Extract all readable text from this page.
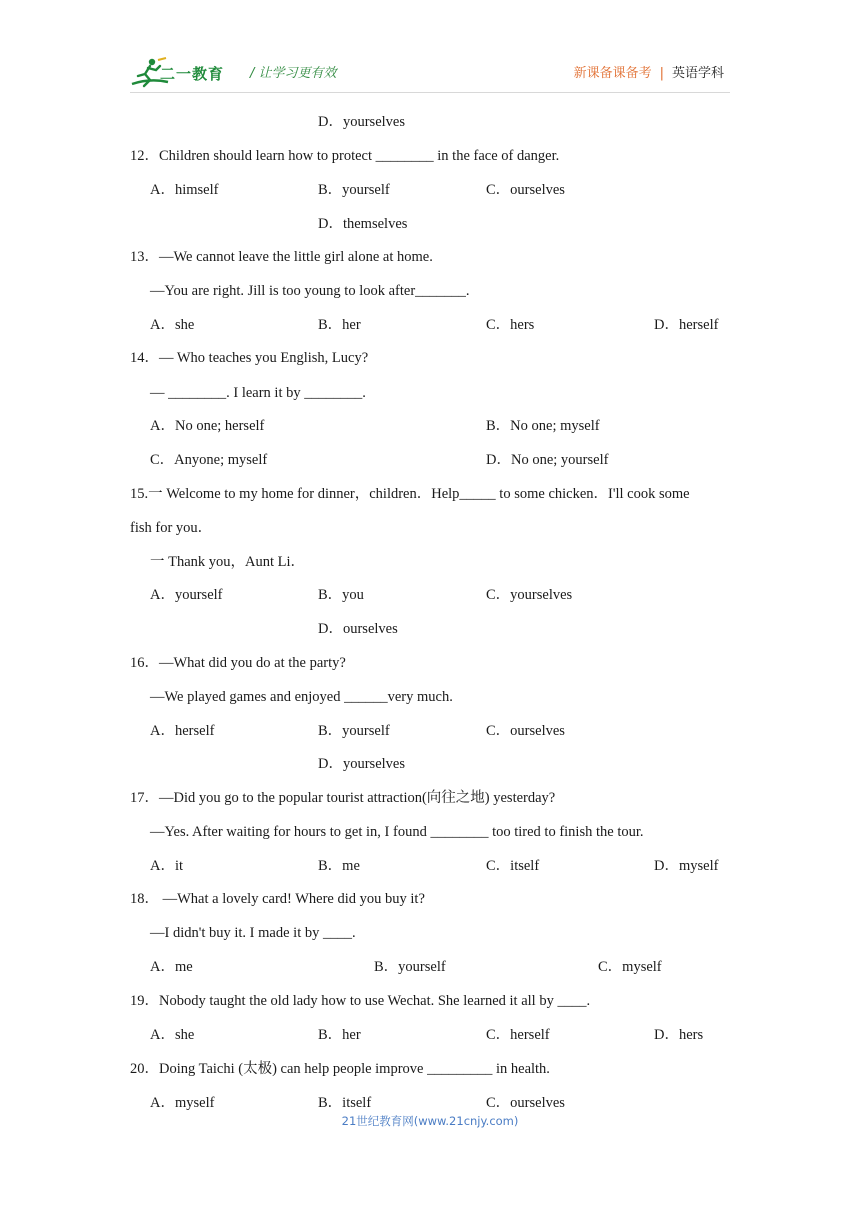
二一教育 / 让学习更有效	新课备课备考 | 英语学科
D．yourselves
12．Children should learn how to protect ________ in the face of danger.
A．himself	B．yourself	C．ourselves
D．themselves
13．—We cannot leave the little girl alone at home.
—You are right. Jill is too young to look after_______.
A．she	B．her	C．hers	D．herself
14．— Who teaches you English, Lucy?
— ________. I learn it by ________.
A．No one; herself	B．No one; myself
C．Anyone; myself	D．No one; yourself
15.一 Welcome to my home for dinner，children．Help_____ to some chicken．I'll cook some
fish for you．
一 Thank you，Aunt Li．
A．yourself	B．you	C．yourselves
D．ourselves
16．—What did you do at the party?
—We played games and enjoyed ______very much.
A．herself	B．yourself	C．ourselves
D．yourselves
17．—Did you go to the popular tourist attraction(向往之地) yesterday?
—Yes. After waiting for hours to get in, I found ________ too tired to finish the tour.
A．it	B．me	C．itself	D．myself
18． —What a lovely card! Where did you buy it?
—I didn't buy it. I made it by ____.
A．me	B．yourself	C．myself
19．Nobody taught the old lady how to use Wechat. She learned it all by ____.
A．she	B．her	C．herself	D．hers
20．Doing Taichi (太极) can help people improve _________ in health.
A．myself	B．itself	C．ourselves
21世纪教育网(www.21cnjy.com)
